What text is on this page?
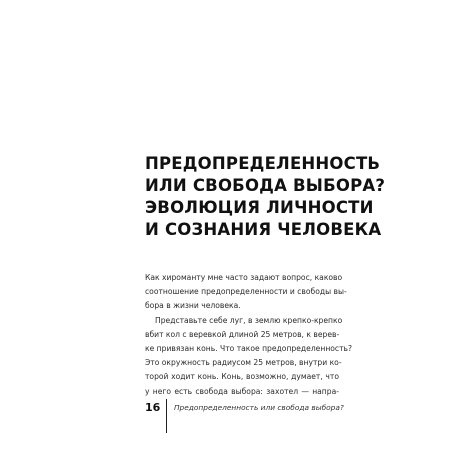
ПРЕДОПРЕДЕЛЕННОСТЬ
ИЛИ СВОБОДА ВЫБОРА?
ЭВОЛЮЦИЯ ЛИЧНОСТИ
И СОЗНАНИЯ ЧЕЛОВЕКА
Как хироманту мне часто задают вопрос, каково
соотношение предопределенности и свободы вы-
бора в жизни человека.
Представьте себе луг, в землю крепко-крепко
вбит кол с веревкой длиной 25 метров, к верев-
ке привязан конь. Что такое предопределенность?
Это окружность радиусом 25 метров, внутри ко-
торой ходит конь. Конь, возможно, думает, что
у него есть свобода выбора: захотел — напра-
16 Предопределенность или свобода выбора?
